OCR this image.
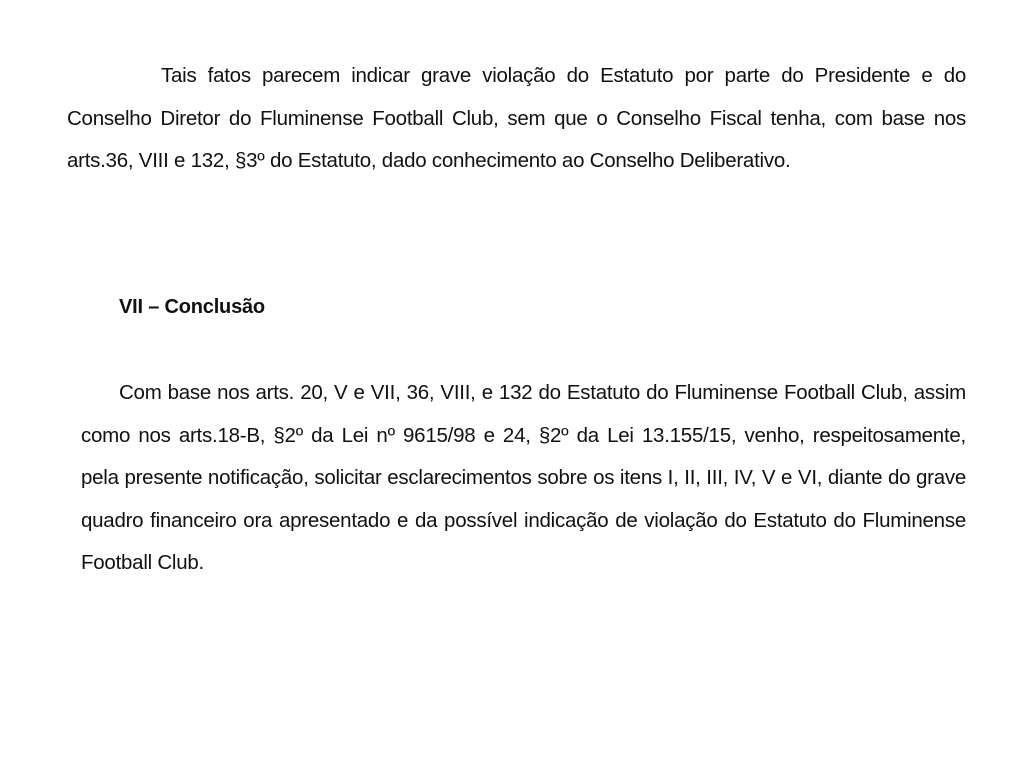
Tais fatos parecem indicar grave violação do Estatuto por parte do Presidente e do Conselho Diretor do Fluminense Football Club, sem que o Conselho Fiscal tenha, com base nos arts.36, VIII e 132, §3º do Estatuto, dado conhecimento ao Conselho Deliberativo.

VII – Conclusão

Com base nos arts. 20, V e VII, 36, VIII, e 132 do Estatuto do Fluminense Football Club, assim como nos arts.18-B, §2º da Lei nº 9615/98 e 24, §2º da Lei 13.155/15, venho, respeitosamente, pela presente notificação, solicitar esclarecimentos sobre os itens I, II, III, IV, V e VI, diante do grave quadro financeiro ora apresentado e da possível indicação de violação do Estatuto do Fluminense Football Club.
